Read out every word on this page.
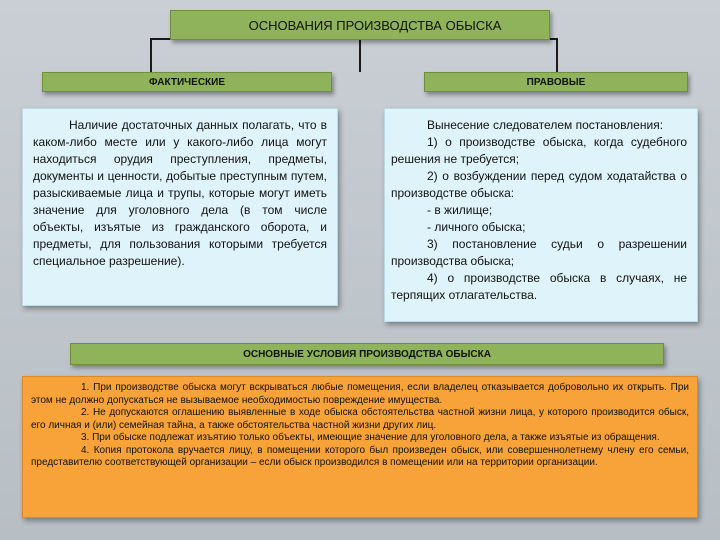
ОСНОВАНИЯ ПРОИЗВОДСТВА ОБЫСКА
ФАКТИЧЕСКИЕ	ПРАВОВЫЕ

Наличие достаточных данных полагать, что в каком-либо месте или у какого-либо лица могут находиться орудия преступления, предметы, документы и ценности, добытые преступным путем, разыскиваемые лица и трупы, которые могут иметь значение для уголовного дела (в том числе объекты, изъятые из гражданского оборота, и предметы, для пользования которыми требуется специальное разрешение).

Вынесение следователем постановления:

1) о производстве обыска, когда судебного решения не требуется;

2) о возбуждении перед судом ходатайства о производстве обыска:

- в жилище;

- личного обыска;

3) постановление судьи о разрешении производства обыска;

4) о производстве обыска в случаях, не терпящих отлагательства.

ОСНОВНЫЕ УСЛОВИЯ ПРОИЗВОДСТВА ОБЫСКА

1. При производстве обыска могут вскрываться любые помещения, если владелец отказывается добровольно их открыть. При этом не должно допускаться не вызываемое необходимостью повреждение имущества.

2. Не допускаются оглашению выявленные в ходе обыска обстоятельства частной жизни лица, у которого производится обыск, его личная и (или) семейная тайна, а также обстоятельства частной жизни других лиц.

3. При обыске подлежат изъятию только объекты, имеющие значение для уголовного дела, а также изъятые из обращения.

4. Копия протокола вручается лицу, в помещении которого был произведен обыск, или совершеннолетнему члену его семьи, представителю соответствующей организации – если обыск производился в помещении или на территории организации.
